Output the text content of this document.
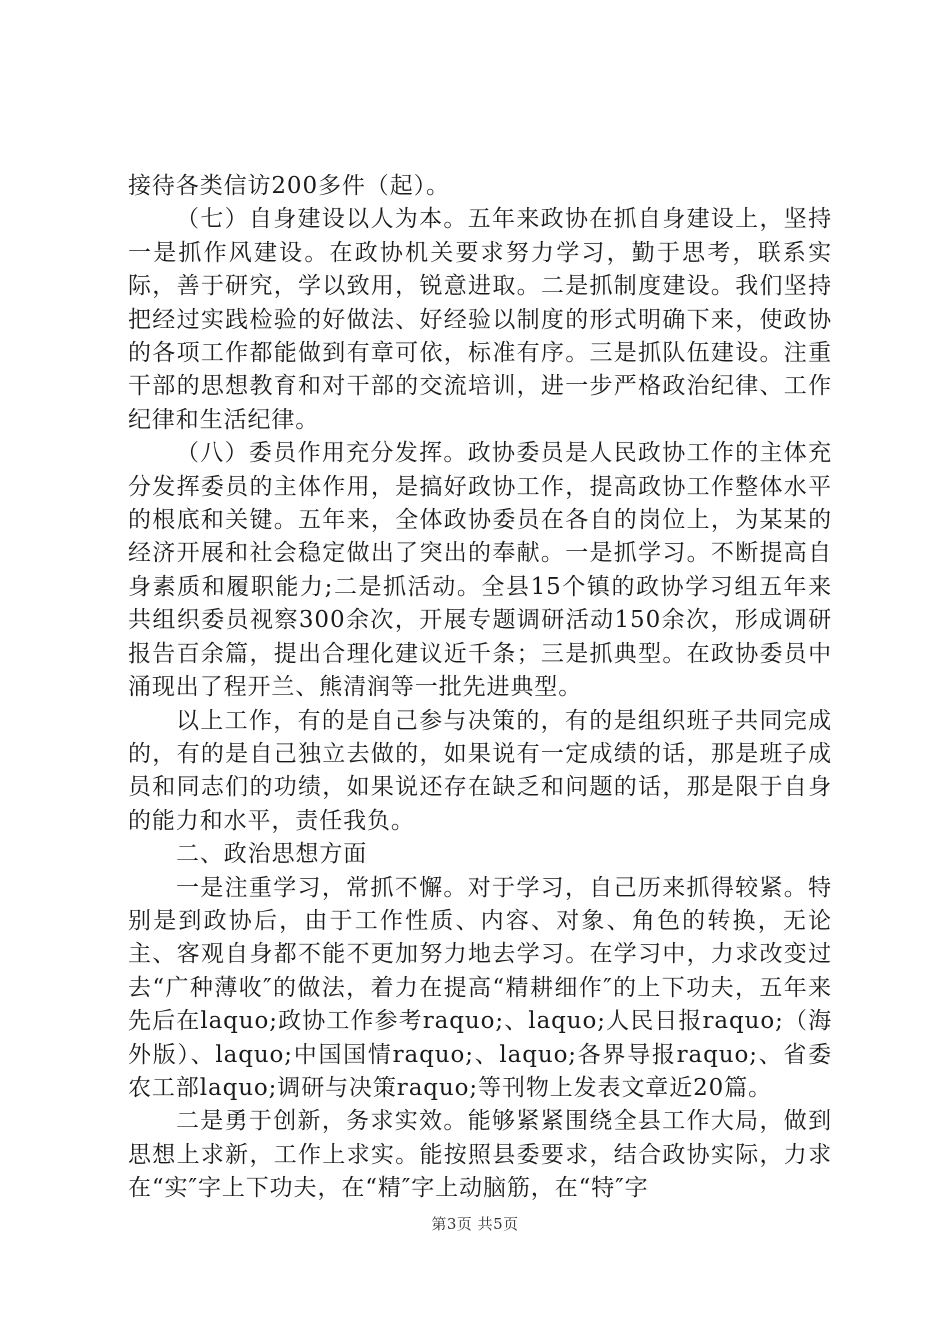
接待各类信访200多件（起）。

（七）自身建设以人为本。五年来政协在抓自身建设上，坚持一是抓作风建设。在政协机关要求努力学习，勤于思考，联系实际，善于研究，学以致用，锐意进取。二是抓制度建设。我们坚持把经过实践检验的好做法、好经验以制度的形式明确下来，使政协的各项工作都能做到有章可依，标准有序。三是抓队伍建设。注重干部的思想教育和对干部的交流培训，进一步严格政治纪律、工作纪律和生活纪律。

（八）委员作用充分发挥。政协委员是人民政协工作的主体充分发挥委员的主体作用，是搞好政协工作，提高政协工作整体水平的根底和关键。五年来，全体政协委员在各自的岗位上，为某某的经济开展和社会稳定做出了突出的奉献。一是抓学习。不断提高自身素质和履职能力;二是抓活动。全县15个镇的政协学习组五年来共组织委员视察300余次，开展专题调研活动150余次，形成调研报告百余篇，提出合理化建议近千条；三是抓典型。在政协委员中涌现出了程开兰、熊清润等一批先进典型。

以上工作，有的是自己参与决策的，有的是组织班子共同完成的，有的是自己独立去做的，如果说有一定成绩的话，那是班子成员和同志们的功绩，如果说还存在缺乏和问题的话，那是限于自身的能力和水平，责任我负。

二、政治思想方面

一是注重学习，常抓不懈。对于学习，自己历来抓得较紧。特别是到政协后，由于工作性质、内容、对象、角色的转换，无论主、客观自身都不能不更加努力地去学习。在学习中，力求改变过去“广种薄收″的做法，着力在提高“精耕细作″的上下功夫，五年来先后在laquo;政协工作参考raquo;、laquo;人民日报raquo;（海外版）、laquo;中国国情raquo;、laquo;各界导报raquo;、省委农工部laquo;调研与决策raquo;等刊物上发表文章近20篇。

二是勇于创新，务求实效。能够紧紧围绕全县工作大局，做到思想上求新，工作上求实。能按照县委要求，结合政协实际，力求在“实″字上下功夫，在“精″字上动脑筋，在“特″字

第3页 共5页
